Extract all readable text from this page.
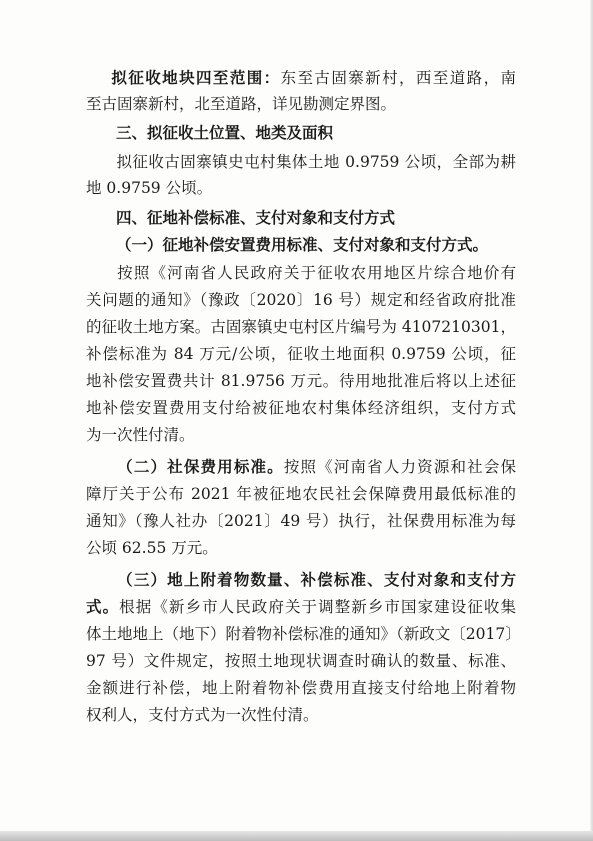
拟征收地块四至范围：东至古固寨新村，西至道路，南
至古固寨新村，北至道路，详见勘测定界图。
三、拟征收土位置、地类及面积
拟征收古固寨镇史屯村集体土地 0.9759 公顷，全部为耕
地 0.9759 公顷。
四、征地补偿标准、支付对象和支付方式
（一）征地补偿安置费用标准、支付对象和支付方式。
按照《河南省人民政府关于征收农用地区片综合地价有
关问题的通知》（豫政〔2020〕16 号）规定和经省政府批准
的征收土地方案。古固寨镇史屯村区片编号为 4107210301，
补偿标准为 84 万元/公顷，征收土地面积 0.9759 公顷，征
地补偿安置费共计 81.9756 万元。待用地批准后将以上述征
地补偿安置费用支付给被征地农村集体经济组织，支付方式
为一次性付清。
（二）社保费用标准。按照《河南省人力资源和社会保
障厅关于公布 2021 年被征地农民社会保障费用最低标准的
通知》（豫人社办〔2021〕49 号）执行，社保费用标准为每
公顷 62.55 万元。
（三）地上附着物数量、补偿标准、支付对象和支付方
式。根据《新乡市人民政府关于调整新乡市国家建设征收集
体土地地上（地下）附着物补偿标准的通知》（新政文〔2017〕
97 号）文件规定，按照土地现状调查时确认的数量、标准、
金额进行补偿，地上附着物补偿费用直接支付给地上附着物
权利人，支付方式为一次性付清。
